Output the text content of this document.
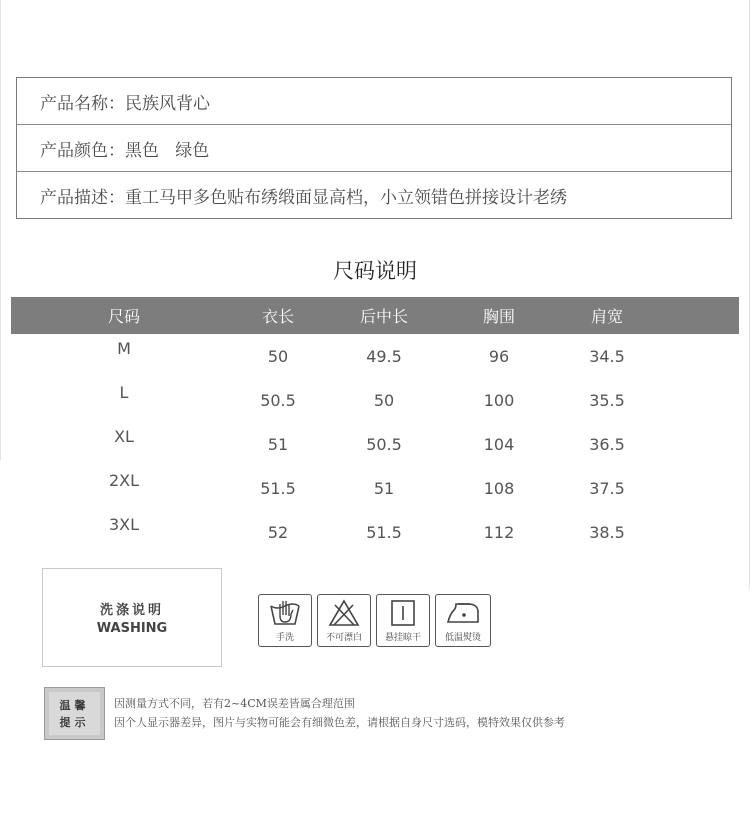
产品名称： 民族风背心
产品颜色： 黑色   绿色
产品描述： 重工马甲多色贴布绣缎面显高档，小立领错色拼接设计老绣
尺码说明
尺码	衣长	后中长	胸围	肩宽	
M	50	49.5	96	34.5	
L	50.5	50	100	35.5	
XL	51	50.5	104	36.5	
2XL	51.5	51	108	37.5	
3XL	52	51.5	112	38.5	
洗涤说明
WASHING
手洗	不可漂白	悬挂晾干	低温熨烫
温馨
提示
因测量方式不同，若有2~4CM误差皆属合理范围
因个人显示器差异，图片与实物可能会有细微色差，请根据自身尺寸选码，模特效果仅供参考
